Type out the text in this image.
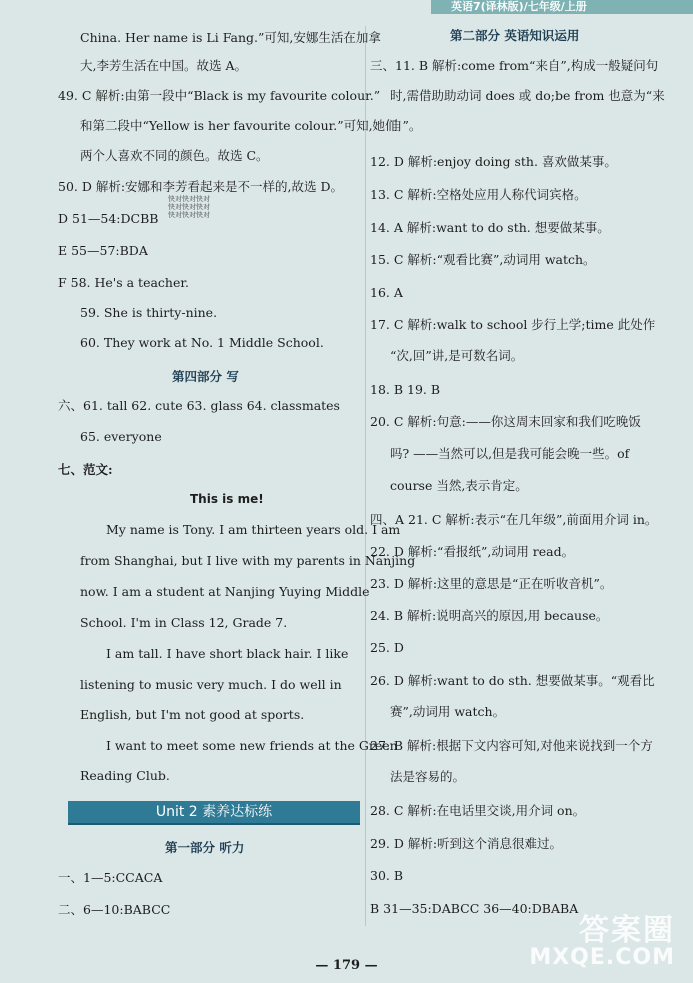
英语7(译林版)/七年级/上册
China. Her name is Li Fang.”可知,安娜生活在加拿
大,李芳生活在中国。故选 A。
49. C 解析:由第一段中“Black is my favourite colour.”
和第二段中“Yellow is her favourite colour.”可知,她们
两个人喜欢不同的颜色。故选 C。
50. D 解析:安娜和李芳看起来是不一样的,故选 D。
D 51—54:DCBB
E 55—57:BDA
F 58. He's a teacher.
59. She is thirty-nine.
60. They work at No. 1 Middle School.
第四部分 写
六、61. tall 62. cute 63. glass 64. classmates
65. everyone
七、范文:
This is me!
My name is Tony. I am thirteen years old. I am
from Shanghai, but I live with my parents in Nanjing
now. I am a student at Nanjing Yuying Middle
School. I'm in Class 12, Grade 7.
I am tall. I have short black hair. I like
listening to music very much. I do well in
English, but I'm not good at sports.
I want to meet some new friends at the Green
Reading Club.
Unit 2 素养达标练
第一部分 听力
一、1—5:CCACA
二、6—10:BABCC
快对快对快对
快对快对快对
快对快对快对
第二部分 英语知识运用
三、11. B 解析:come from“来自”,构成一般疑问句
时,需借助助动词 does 或 do;be from 也意为“来
自”。
12. D 解析:enjoy doing sth. 喜欢做某事。
13. C 解析:空格处应用人称代词宾格。
14. A 解析:want to do sth. 想要做某事。
15. C 解析:“观看比赛”,动词用 watch。
16. A
17. C 解析:walk to school 步行上学;time 此处作
“次,回”讲,是可数名词。
18. B 19. B
20. C 解析:句意:——你这周末回家和我们吃晚饭
吗? ——当然可以,但是我可能会晚一些。of
course 当然,表示肯定。
四、A 21. C 解析:表示“在几年级”,前面用介词 in。
22. D 解析:“看报纸”,动词用 read。
23. D 解析:这里的意思是“正在听收音机”。
24. B 解析:说明高兴的原因,用 because。
25. D
26. D 解析:want to do sth. 想要做某事。“观看比
赛”,动词用 watch。
27. B 解析:根据下文内容可知,对他来说找到一个方
法是容易的。
28. C 解析:在电话里交谈,用介词 on。
29. D 解析:听到这个消息很难过。
30. B
B 31—35:DABCC 36—40:DBABA
— 179 —
答案圈
MXQE.COM
